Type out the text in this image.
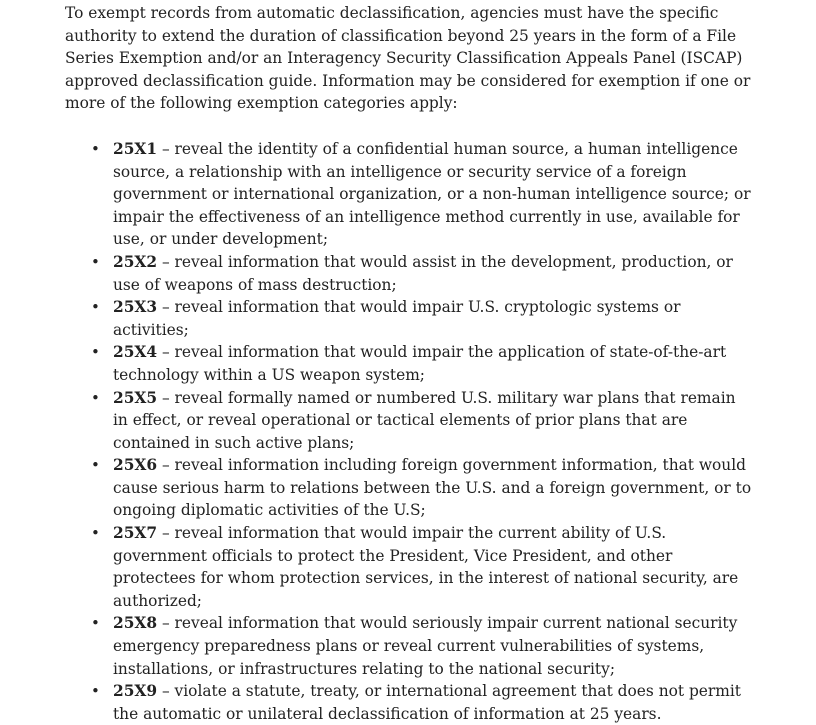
To exempt records from automatic declassification, agencies must have the specific authority to extend the duration of classification beyond 25 years in the form of a File Series Exemption and/or an Interagency Security Classification Appeals Panel (ISCAP) approved declassification guide. Information may be considered for exemption if one or more of the following exemption categories apply:

• 25X1 – reveal the identity of a confidential human source, a human intelligence source, a relationship with an intelligence or security service of a foreign government or international organization, or a non-human intelligence source; or impair the effectiveness of an intelligence method currently in use, available for use, or under development;
• 25X2 – reveal information that would assist in the development, production, or use of weapons of mass destruction;
• 25X3 – reveal information that would impair U.S. cryptologic systems or activities;
• 25X4 – reveal information that would impair the application of state-of-the-art technology within a US weapon system;
• 25X5 – reveal formally named or numbered U.S. military war plans that remain in effect, or reveal operational or tactical elements of prior plans that are contained in such active plans;
• 25X6 – reveal information including foreign government information, that would cause serious harm to relations between the U.S. and a foreign government, or to ongoing diplomatic activities of the U.S;
• 25X7 – reveal information that would impair the current ability of U.S. government officials to protect the President, Vice President, and other protectees for whom protection services, in the interest of national security, are authorized;
• 25X8 – reveal information that would seriously impair current national security emergency preparedness plans or reveal current vulnerabilities of systems, installations, or infrastructures relating to the national security;
• 25X9 – violate a statute, treaty, or international agreement that does not permit the automatic or unilateral declassification of information at 25 years.
